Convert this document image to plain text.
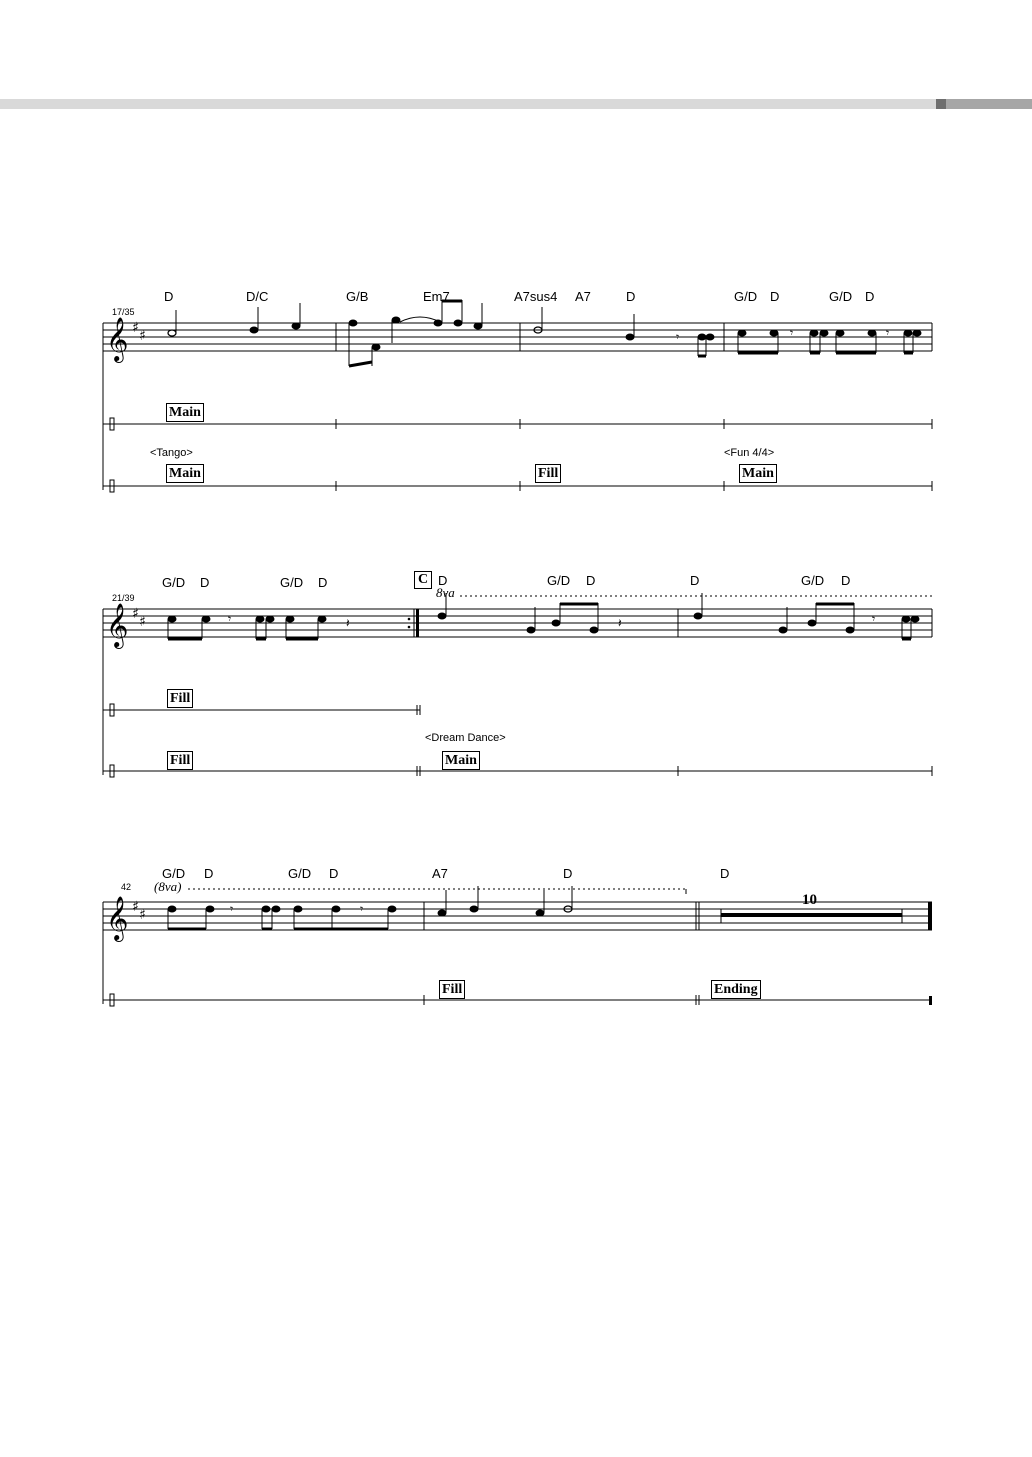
𝄞
𝄞
𝄞
♯ ♯
♯ ♯
♯ ♯
𝄾	𝄾	𝄾
𝄾	𝄽	𝄽	𝄾
𝄾	𝄾
17/35
D	D/C	G/B	Em7	A7sus4 A7	D	G/D D	G/D D
Main
<Tango>	<Fun 4/4>
Main	Fill	Main
21/39
G/D D	G/D D	C D
8va
G/D D	D	G/D D
Fill
<Dream Dance>
Fill	Main
42 (8va)
G/D D	G/D D	A7	D	D
10
Fill	Ending
